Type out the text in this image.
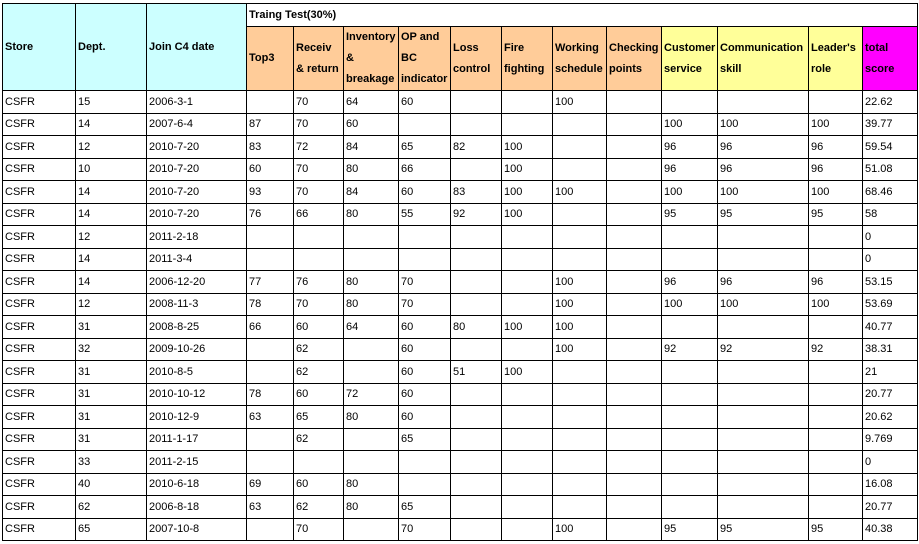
Store	Dept.	Join C4 date	Traing Test(30%)											
			Top3	Receiv & return	Inventory & breakage	OP and BC indicator	Loss control	Fire fighting	Working schedule	Checking points	Customer service	Communication skill	Leader's role	total score
CSFR	15	2006-3-1		70	64	60			100					22.62
CSFR	14	2007-6-4	87	70	60						100	100	100	39.77
CSFR	12	2010-7-20	83	72	84	65	82	100			96	96	96	59.54
CSFR	10	2010-7-20	60	70	80	66		100			96	96	96	51.08
CSFR	14	2010-7-20	93	70	84	60	83	100	100		100	100	100	68.46
CSFR	14	2010-7-20	76	66	80	55	92	100			95	95	95	58
CSFR	12	2011-2-18												0
CSFR	14	2011-3-4												0
CSFR	14	2006-12-20	77	76	80	70			100		96	96	96	53.15
CSFR	12	2008-11-3	78	70	80	70			100		100	100	100	53.69
CSFR	31	2008-8-25	66	60	64	60	80	100	100					40.77
CSFR	32	2009-10-26		62		60			100		92	92	92	38.31
CSFR	31	2010-8-5		62		60	51	100						21
CSFR	31	2010-10-12	78	60	72	60								20.77
CSFR	31	2010-12-9	63	65	80	60								20.62
CSFR	31	2011-1-17		62		65								9.769
CSFR	33	2011-2-15												0
CSFR	40	2010-6-18	69	60	80									16.08
CSFR	62	2006-8-18	63	62	80	65								20.77
CSFR	65	2007-10-8		70		70			100		95	95	95	40.38
